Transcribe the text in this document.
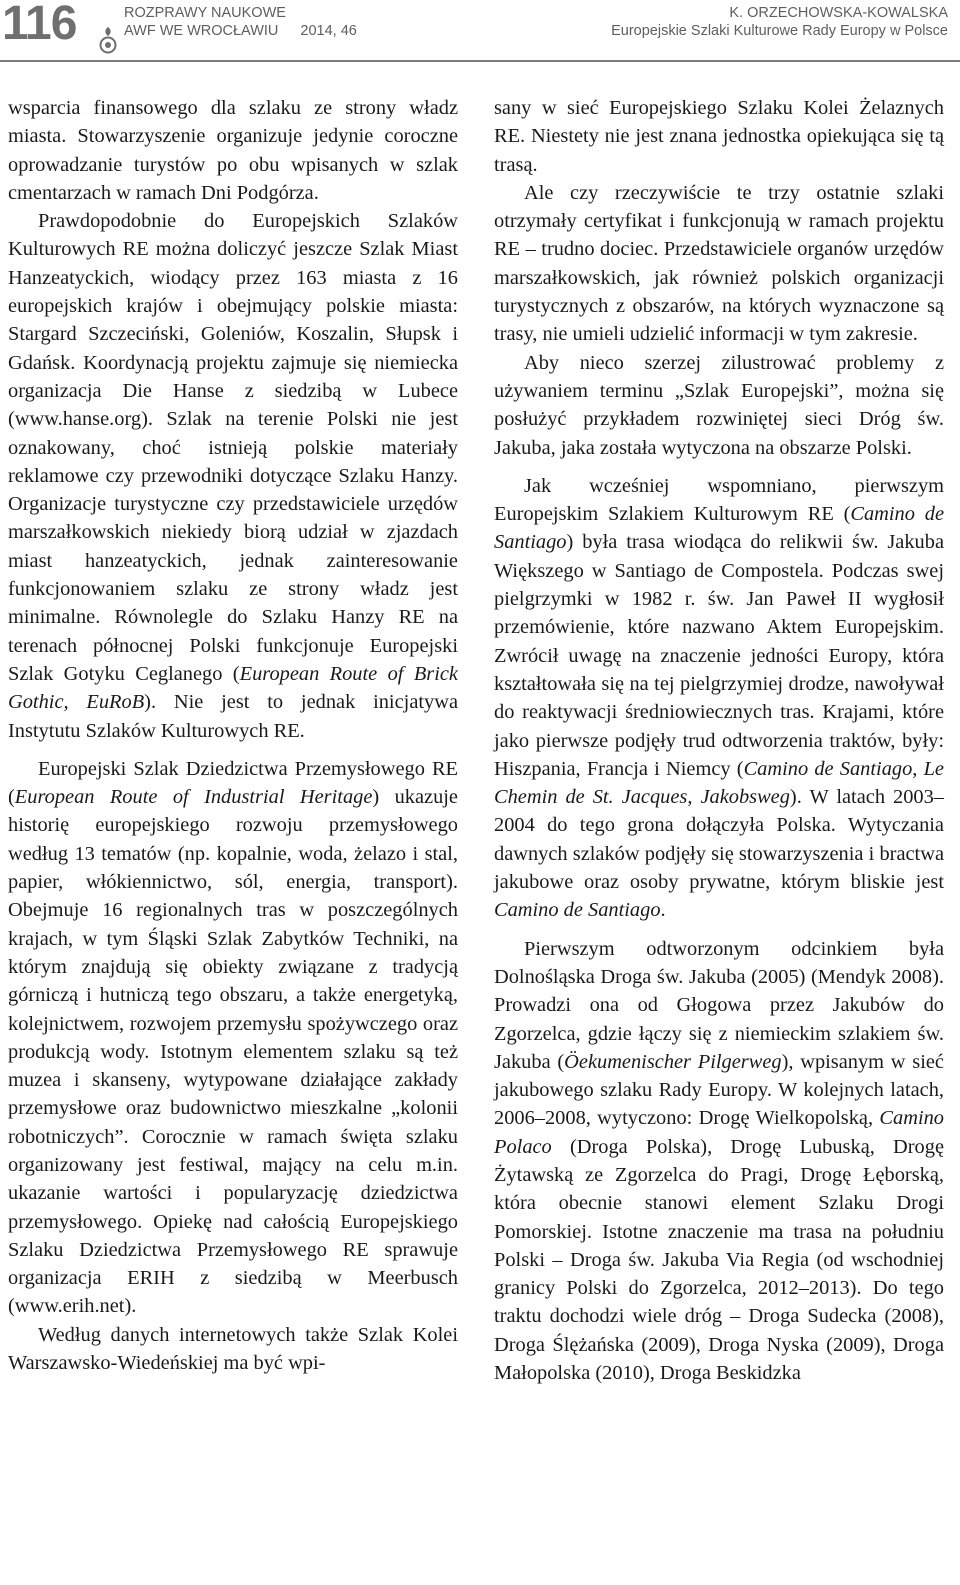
116	ROZPRAWY NAUKOWE
AWF WE WROCŁAWIU 2014, 46
K. ORZECHOWSKA-KOWALSKA
Europejskie Szlaki Kulturowe Rady Europy w Polsce

wsparcia finansowego dla szlaku ze strony władz miasta. Stowarzyszenie organizuje jedynie coroczne oprowadzanie turystów po obu wpisanych w szlak cmentarzach w ramach Dni Podgórza.

Prawdopodobnie do Europejskich Szlaków Kulturowych RE można doliczyć jeszcze Szlak Miast Hanzeatyckich, wiodący przez 163 miasta z 16 europejskich krajów i obejmujący polskie miasta: Stargard Szczeciński, Goleniów, Koszalin, Słupsk i Gdańsk. Koordynacją projektu zajmuje się niemiecka organizacja Die Hanse z siedzibą w Lubece (www.hanse.org). Szlak na terenie Polski nie jest oznakowany, choć istnieją polskie materiały reklamowe czy przewodniki dotyczące Szlaku Hanzy. Organizacje turystyczne czy przedstawiciele urzędów marszałkowskich niekiedy biorą udział w zjazdach miast hanzeatyckich, jednak zainteresowanie funkcjonowaniem szlaku ze strony władz jest minimalne. Równolegle do Szlaku Hanzy RE na terenach północnej Polski funkcjonuje Europejski Szlak Gotyku Ceglanego (European Route of Brick Gothic, EuRoB). Nie jest to jednak inicjatywa Instytutu Szlaków Kulturowych RE.

Europejski Szlak Dziedzictwa Przemysłowego RE (European Route of Industrial Heritage) ukazuje historię europejskiego rozwoju przemysłowego według 13 tematów (np. kopalnie, woda, żelazo i stal, papier, włókiennictwo, sól, energia, transport). Obejmuje 16 regionalnych tras w poszczególnych krajach, w tym Śląski Szlak Zabytków Techniki, na którym znajdują się obiekty związane z tradycją górniczą i hutniczą tego obszaru, a także energetyką, kolejnictwem, rozwojem przemysłu spożywczego oraz produkcją wody. Istotnym elementem szlaku są też muzea i skanseny, wytypowane działające zakłady przemysłowe oraz budownictwo mieszkalne „kolonii robotniczych”. Corocznie w ramach święta szlaku organizowany jest festiwal, mający na celu m.in. ukazanie wartości i popularyzację dziedzictwa przemysłowego. Opiekę nad całością Europejskiego Szlaku Dziedzictwa Przemysłowego RE sprawuje organizacja ERIH z siedzibą w Meerbusch (www.erih.net).

Według danych internetowych także Szlak Kolei Warszawsko-Wiedeńskiej ma być wpi-

sany w sieć Europejskiego Szlaku Kolei Żelaznych RE. Niestety nie jest znana jednostka opiekująca się tą trasą.

Ale czy rzeczywiście te trzy ostatnie szlaki otrzymały certyfikat i funkcjonują w ramach projektu RE – trudno dociec. Przedstawiciele organów urzędów marszałkowskich, jak również polskich organizacji turystycznych z obszarów, na których wyznaczone są trasy, nie umieli udzielić informacji w tym zakresie.

Aby nieco szerzej zilustrować problemy z używaniem terminu „Szlak Europejski”, można się posłużyć przykładem rozwiniętej sieci Dróg św. Jakuba, jaka została wytyczona na obszarze Polski.

Jak wcześniej wspomniano, pierwszym Europejskim Szlakiem Kulturowym RE (Camino de Santiago) była trasa wiodąca do relikwii św. Jakuba Większego w Santiago de Compostela. Podczas swej pielgrzymki w 1982 r. św. Jan Paweł II wygłosił przemówienie, które nazwano Aktem Europejskim. Zwrócił uwagę na znaczenie jedności Europy, która kształtowała się na tej pielgrzymiej drodze, nawoływał do reaktywacji średniowiecznych tras. Krajami, które jako pierwsze podjęły trud odtworzenia traktów, były: Hiszpania, Francja i Niemcy (Camino de Santiago, Le Chemin de St. Jacques, Jakobsweg). W latach 2003–2004 do tego grona dołączyła Polska. Wytyczania dawnych szlaków podjęły się stowarzyszenia i bractwa jakubowe oraz osoby prywatne, którym bliskie jest Camino de Santiago.

Pierwszym odtworzonym odcinkiem była Dolnośląska Droga św. Jakuba (2005) (Mendyk 2008). Prowadzi ona od Głogowa przez Jakubów do Zgorzelca, gdzie łączy się z niemieckim szlakiem św. Jakuba (Öekumenischer Pilgerweg), wpisanym w sieć jakubowego szlaku Rady Europy. W kolejnych latach, 2006–2008, wytyczono: Drogę Wielkopolską, Camino Polaco (Droga Polska), Drogę Lubuską, Drogę Żytawską ze Zgorzelca do Pragi, Drogę Łęborską, która obecnie stanowi element Szlaku Drogi Pomorskiej. Istotne znaczenie ma trasa na południu Polski – Droga św. Jakuba Via Regia (od wschodniej granicy Polski do Zgorzelca, 2012–2013). Do tego traktu dochodzi wiele dróg – Droga Sudecka (2008), Droga Ślężańska (2009), Droga Nyska (2009), Droga Małopolska (2010), Droga Beskidzka
